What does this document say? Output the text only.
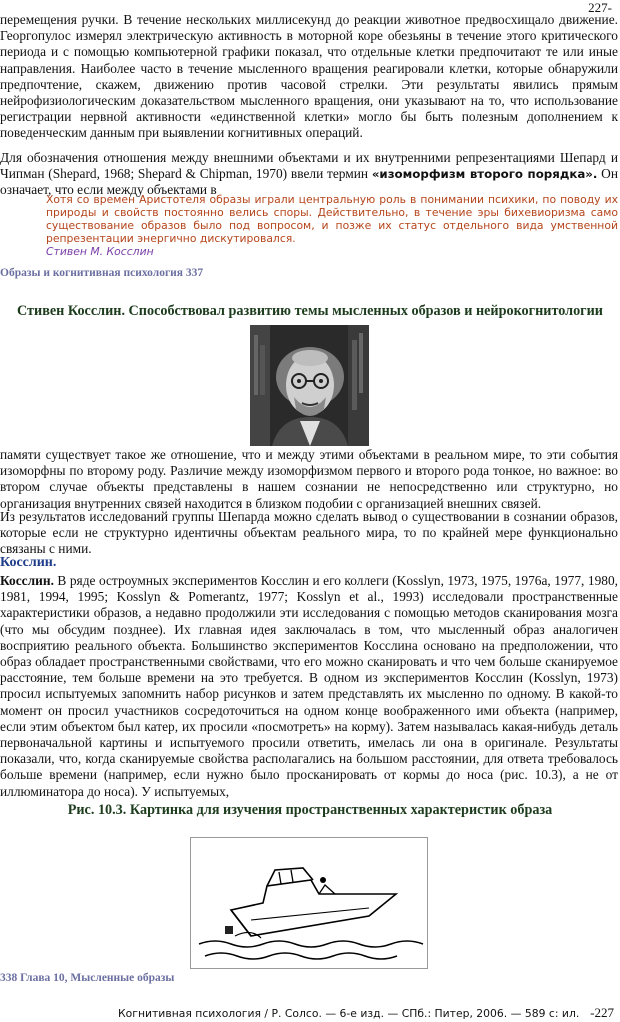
227-

перемещения ручки. В течение нескольких миллисекунд до реакции животное предвосхищало движение. Георгопулос измерял электрическую активность в моторной коре обезьяны в течение этого критического периода и с помощью компьютерной графики показал, что отдельные клетки предпочитают те или иные направления. Наиболее часто в течение мысленного вращения реагировали клетки, которые обнаружили предпочтение, скажем, движению против часовой стрелки. Эти результаты явились прямым нейрофизиологическим доказательством мысленного вращения, они указывают на то, что использование регистрации нервной активности «единственной клетки» могло бы быть полезным дополнением к поведенческим данным при выявлении когнитивных операций.

Для обозначения отношения между внешними объектами и их внутренними репрезентациями Шепард и Чипман (Shepard, 1968; Shepard & Chipman, 1970) ввели термин «изоморфизм второго порядка». Он означает, что если между объектами в

Хотя со времен Аристотеля образы играли центральную роль в понимании психики, по поводу их природы и свойств постоянно велись споры. Действительно, в течение эры бихевиоризма само существование образов было под вопросом, и позже их статус отдельного вида умственной репрезентации энергично дискутировался.
Стивен М. Косслин
Образы и когнитивная психология 337
Стивен Косслин. Способствовал развитию темы мысленных образов и нейрокогнитологии

памяти существует такое же отношение, что и между этими объектами в реальном мире, то эти события изоморфны по второму роду. Различие между изоморфизмом первого и второго рода тонкое, но важное: во втором случае объекты представлены в нашем сознании не непосредственно или структурно, но организация внутренних связей находится в близком подобии с организацией внешних связей.

Из результатов исследований группы Шепарда можно сделать вывод о существовании в сознании образов, которые если не структурно идентичны объектам реального мира, то по крайней мере функционально связаны с ними.

Косслин.

Косслин. В ряде остроумных экспериментов Косслин и его коллеги (Kosslyn, 1973, 1975, 1976a, 1977, 1980, 1981, 1994, 1995; Kosslyn & Pomerantz, 1977; Kosslyn et al., 1993) исследовали пространственные характеристики образов, а недавно продолжили эти исследования с помощью методов сканирования мозга (что мы обсудим позднее). Их главная идея заключалась в том, что мысленный образ аналогичен восприятию реального объекта. Большинство экспериментов Косслина основано на предположении, что образ обладает пространственными свойствами, что его можно сканировать и что чем больше сканируемое расстояние, тем больше времени на это требуется. В одном из экспериментов Косслин (Kosslyn, 1973) просил испытуемых запомнить набор рисунков и затем представлять их мысленно по одному. В какой-то момент он просил участников сосредоточиться на одном конце воображенного ими объекта (например, если этим объектом был катер, их просили «посмотреть» на корму). Затем называлась какая-нибудь деталь первоначальной картины и испытуемого просили ответить, имелась ли она в оригинале. Результаты показали, что, когда сканируемые свойства располагались на большом расстоянии, для ответа требовалось больше времени (например, если нужно было просканировать от кормы до носа (рис. 10.3), а не от иллюминатора до носа). У испытуемых,

Рис. 10.3. Картинка для изучения пространственных характеристик образа
338 Глава 10, Мысленные образы
Когнитивная психология / Р. Солсо. — 6-е изд. — СПб.: Питер, 2006. — 589 с: ил. -227
